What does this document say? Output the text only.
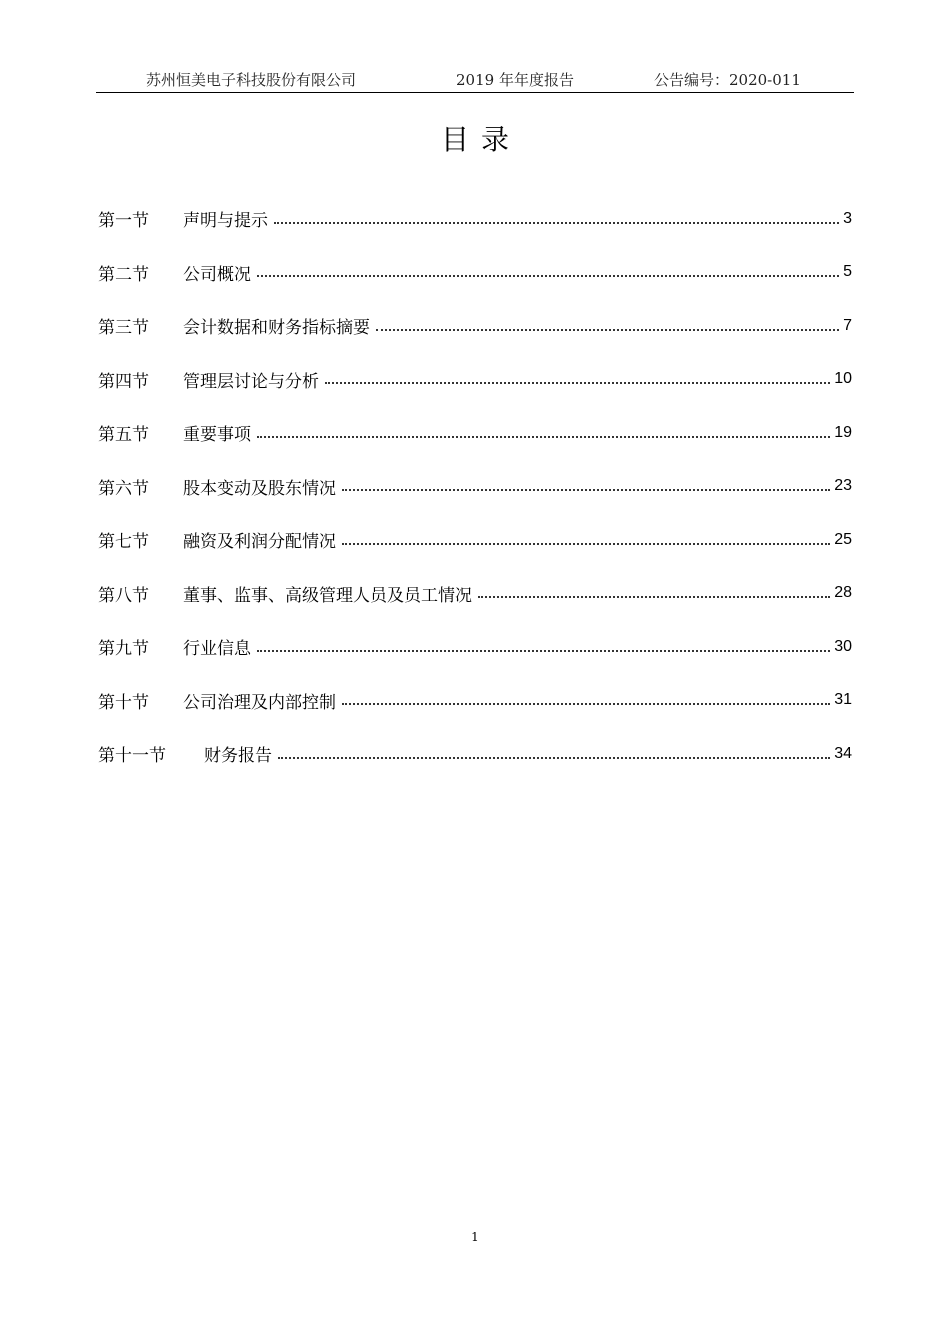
苏州恒美电子科技股份有限公司	2019 年年度报告	公告编号：2020-011
目录
第一节	声明与提示	3
第二节	公司概况	5
第三节	会计数据和财务指标摘要	7
第四节	管理层讨论与分析	10
第五节	重要事项	19
第六节	股本变动及股东情况	23
第七节	融资及利润分配情况	25
第八节	董事、监事、高级管理人员及员工情况	28
第九节	行业信息	30
第十节	公司治理及内部控制	31
第十一节	财务报告	34
1
